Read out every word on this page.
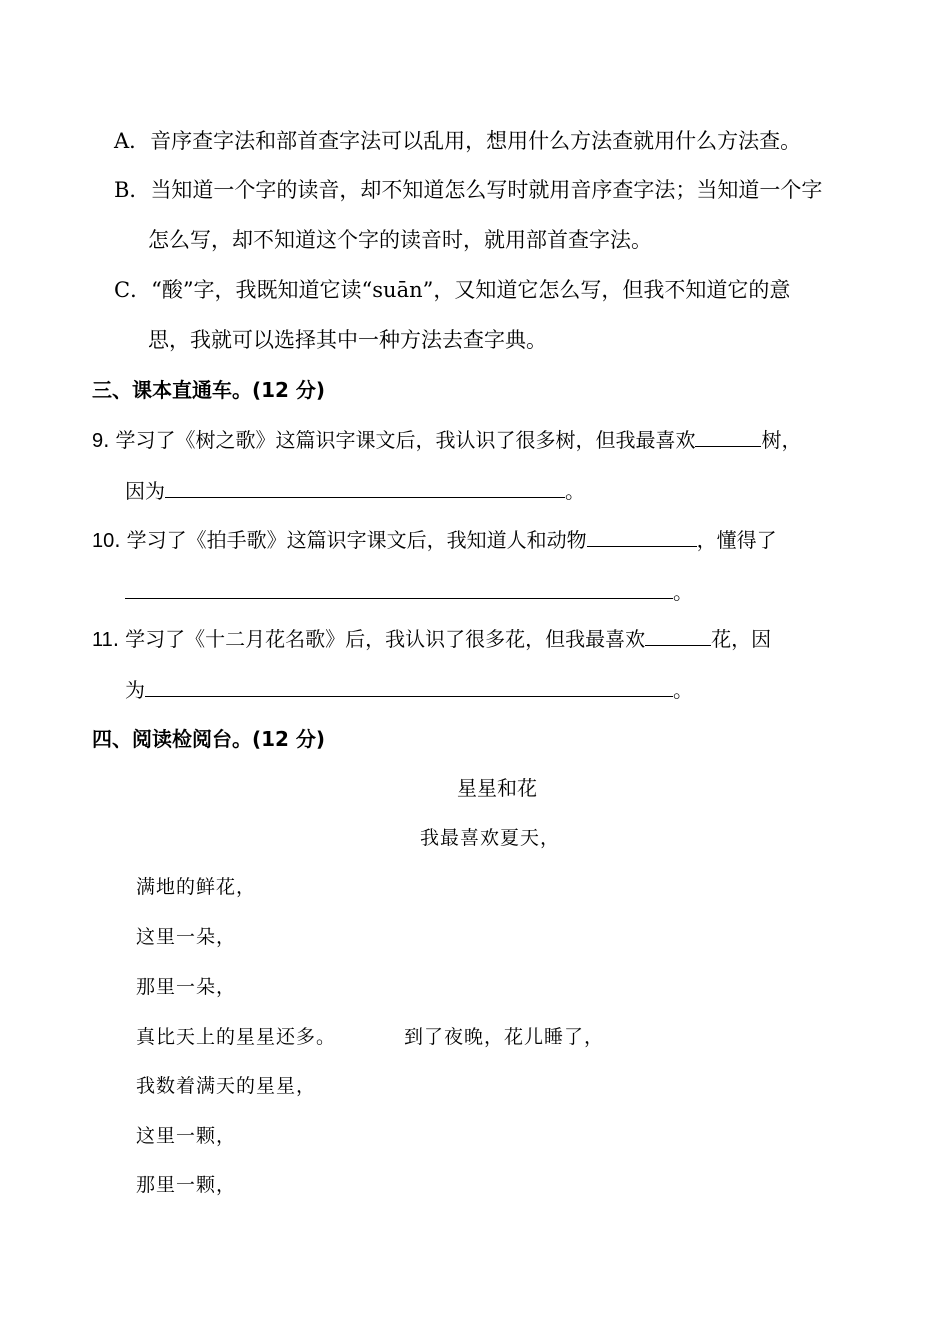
A．音序查字法和部首查字法可以乱用，想用什么方法查就用什么方法查。
B．当知道一个字的读音，却不知道怎么写时就用音序查字法；当知道一个字
怎么写，却不知道这个字的读音时，就用部首查字法。
C．“酸”字，我既知道它读“suān”，又知道它怎么写，但我不知道它的意
思，我就可以选择其中一种方法去查字典。
三、课本直通车。(12 分)
9. 学习了《树之歌》这篇识字课文后，我认识了很多树，但我最喜欢	树，
因为	。
10. 学习了《拍手歌》这篇识字课文后，我知道人和动物	，懂得了
。
11. 学习了《十二月花名歌》后，我认识了很多花，但我最喜欢	花，因
为	。
四、阅读检阅台。(12 分)
星星和花
我最喜欢夏天，
满地的鲜花，
这里一朵，
那里一朵，
真比天上的星星还多。	到了夜晚，花儿睡了，
我数着满天的星星，
这里一颗，
那里一颗，
